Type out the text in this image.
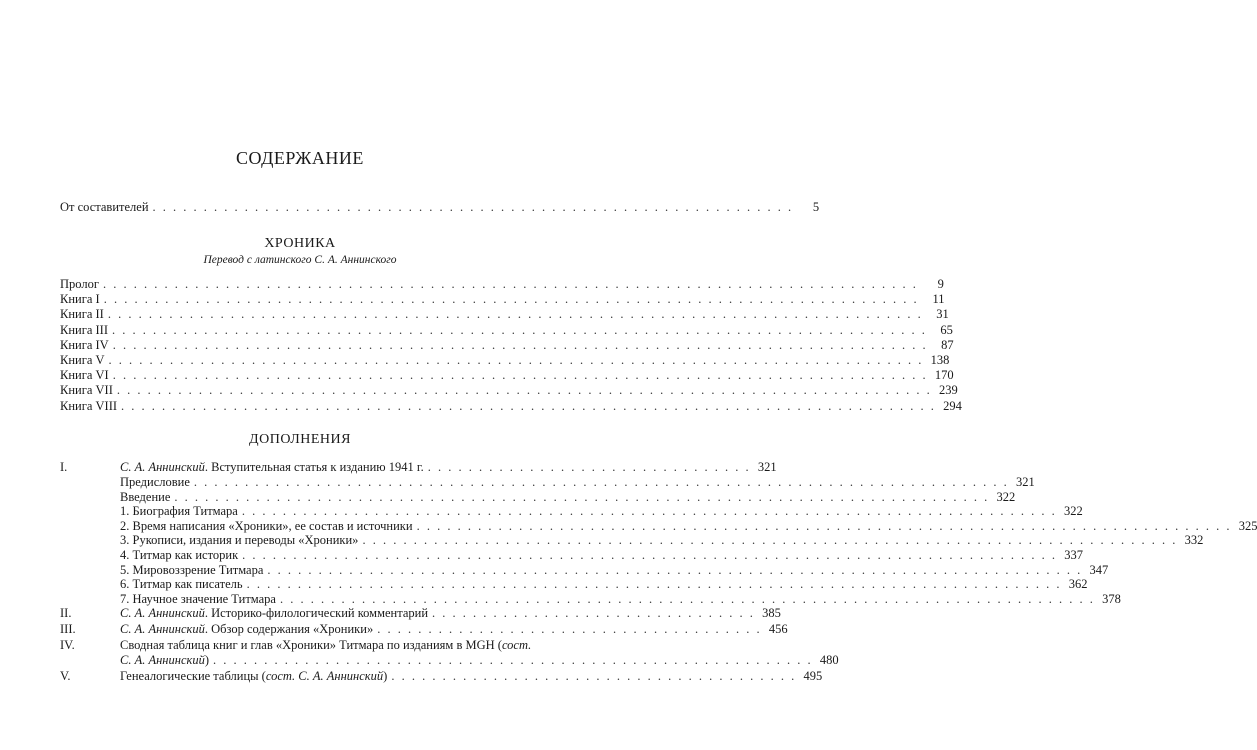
СОДЕРЖАНИЕ
От составителей . . . . . . . . . . . . . . . . . . . . . . . . . . . . . . . . . . . . . . . . . . . . . . . . . . . . . . . . . . . . . . .	5
ХРОНИКА
Перевод с латинского С. А. Аннинского
Пролог . . . . . . . . . . . . . . . . . . . . . . . . . . . . . . . . . . . . . . . . . . . . . . . . . . . . . . . . . . . . . . . . . . . . . . . . . . . . . . . .	9
Книга I . . . . . . . . . . . . . . . . . . . . . . . . . . . . . . . . . . . . . . . . . . . . . . . . . . . . . . . . . . . . . . . . . . . . . . . . . . . . . . . .	11
Книга II . . . . . . . . . . . . . . . . . . . . . . . . . . . . . . . . . . . . . . . . . . . . . . . . . . . . . . . . . . . . . . . . . . . . . . . . . . . . . . . .	31
Книга III . . . . . . . . . . . . . . . . . . . . . . . . . . . . . . . . . . . . . . . . . . . . . . . . . . . . . . . . . . . . . . . . . . . . . . . . . . . . . . . .	65
Книга IV . . . . . . . . . . . . . . . . . . . . . . . . . . . . . . . . . . . . . . . . . . . . . . . . . . . . . . . . . . . . . . . . . . . . . . . . . . . . . . . .	87
Книга V . . . . . . . . . . . . . . . . . . . . . . . . . . . . . . . . . . . . . . . . . . . . . . . . . . . . . . . . . . . . . . . . . . . . . . . . . . . . . . . . 138
Книга VI . . . . . . . . . . . . . . . . . . . . . . . . . . . . . . . . . . . . . . . . . . . . . . . . . . . . . . . . . . . . . . . . . . . . . . . . . . . . . . . . 170
Книга VII . . . . . . . . . . . . . . . . . . . . . . . . . . . . . . . . . . . . . . . . . . . . . . . . . . . . . . . . . . . . . . . . . . . . . . . . . . . . . . . . 239
Книга VIII . . . . . . . . . . . . . . . . . . . . . . . . . . . . . . . . . . . . . . . . . . . . . . . . . . . . . . . . . . . . . . . . . . . . . . . . . . . . . . . . 294
ДОПОЛНЕНИЯ
I.	С. А. Аннинский. Вступительная статья к изданию 1941 г. . . . . . . . . . . . . . . . . . . . . . . . . . . . . . . . . 321
Предисловие . . . . . . . . . . . . . . . . . . . . . . . . . . . . . . . . . . . . . . . . . . . . . . . . . . . . . . . . . . . . . . . . . . . . . . . . . . . . . . . . 321
Введение . . . . . . . . . . . . . . . . . . . . . . . . . . . . . . . . . . . . . . . . . . . . . . . . . . . . . . . . . . . . . . . . . . . . . . . . . . . . . . . . 322
1. Биография Титмара . . . . . . . . . . . . . . . . . . . . . . . . . . . . . . . . . . . . . . . . . . . . . . . . . . . . . . . . . . . . . . . . . . . . . . . . . . . . . . . . 322
2. Время написания «Хроники», ее состав и источники . . . . . . . . . . . . . . . . . . . . . . . . . . . . . . . . . . . . . . . . . . . . . . . . . . . . . . . . . . . . . . . . . . . . . . . . . . . . . . . . 325
3. Рукописи, издания и переводы «Хроники» . . . . . . . . . . . . . . . . . . . . . . . . . . . . . . . . . . . . . . . . . . . . . . . . . . . . . . . . . . . . . . . . . . . . . . . . . . . . . . . . 332
4. Титмар как историк . . . . . . . . . . . . . . . . . . . . . . . . . . . . . . . . . . . . . . . . . . . . . . . . . . . . . . . . . . . . . . . . . . . . . . . . . . . . . . . . 337
5. Мировоззрение Титмара . . . . . . . . . . . . . . . . . . . . . . . . . . . . . . . . . . . . . . . . . . . . . . . . . . . . . . . . . . . . . . . . . . . . . . . . . . . . . . . . 347
6. Титмар как писатель . . . . . . . . . . . . . . . . . . . . . . . . . . . . . . . . . . . . . . . . . . . . . . . . . . . . . . . . . . . . . . . . . . . . . . . . . . . . . . . . 362
7. Научное значение Титмара . . . . . . . . . . . . . . . . . . . . . . . . . . . . . . . . . . . . . . . . . . . . . . . . . . . . . . . . . . . . . . . . . . . . . . . . . . . . . . . . 378
II.	С. А. Аннинский. Историко-филологический комментарий . . . . . . . . . . . . . . . . . . . . . . . . . . . . . . . . 385
III.	С. А. Аннинский. Обзор содержания «Хроники» . . . . . . . . . . . . . . . . . . . . . . . . . . . . . . . . . . . . . . 456
IV.	Сводная таблица книг и глав «Хроники» Титмара по изданиям в MGH (сост.
С. А. Аннинский) . . . . . . . . . . . . . . . . . . . . . . . . . . . . . . . . . . . . . . . . . . . . . . . . . . . . . . . . . . . 480
V.	Генеалогические таблицы (сост. С. А. Аннинский) . . . . . . . . . . . . . . . . . . . . . . . . . . . . . . . . . . . . . . . . 495
